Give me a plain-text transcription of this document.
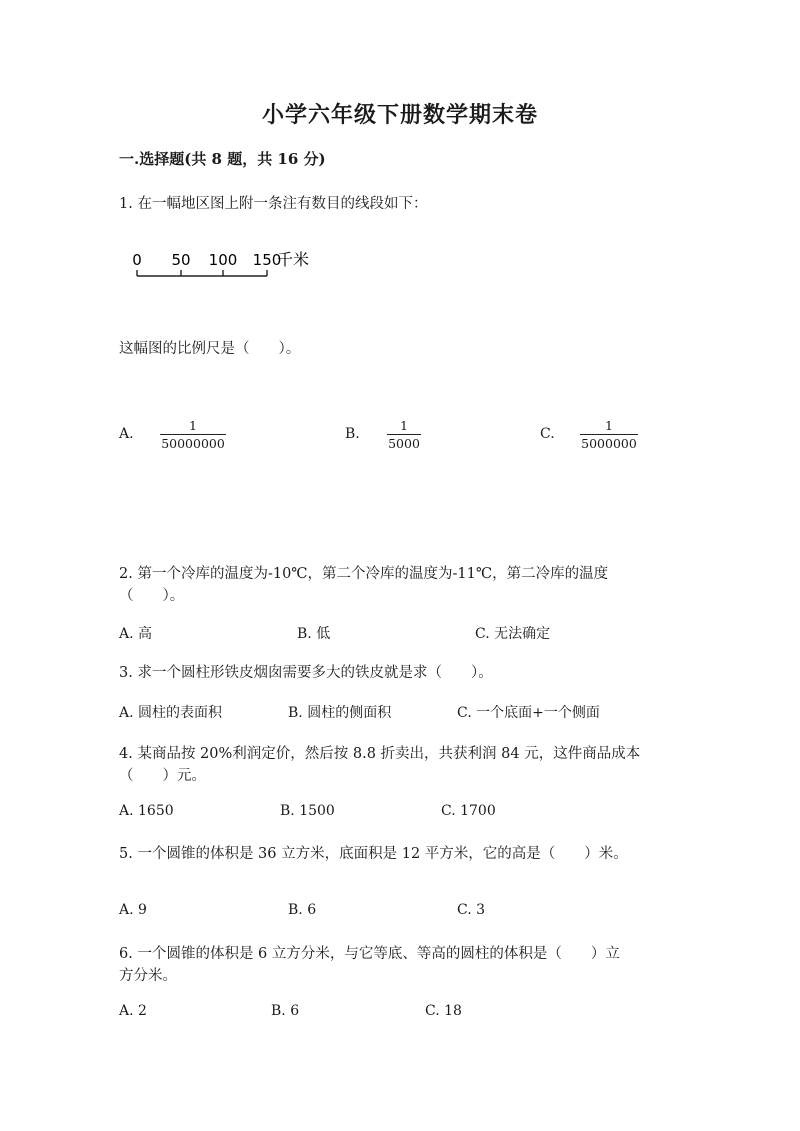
小学六年级下册数学期末卷
一.选择题(共 8 题，共 16 分)
1. 在一幅地区图上附一条注有数目的线段如下：
0 50 100 150
千米
这幅图的比例尺是（　　）。
A.
1
50000000
B.
1
5000
C.
1
5000000
2. 第一个冷库的温度为-10℃，第二个冷库的温度为-11℃，第二冷库的温度
（　　）。
A. 高	B. 低	C. 无法确定
3. 求一个圆柱形铁皮烟囱需要多大的铁皮就是求（　　）。
A. 圆柱的表面积	B. 圆柱的侧面积	C. 一个底面+一个侧面
4. 某商品按 20%利润定价，然后按 8.8 折卖出，共获利润 84 元，这件商品成本
（　　）元。
A. 1650	B. 1500	C. 1700
5. 一个圆锥的体积是 36 立方米，底面积是 12 平方米，它的高是（　　）米。
A. 9	B. 6	C. 3
6. 一个圆锥的体积是 6 立方分米，与它等底、等高的圆柱的体积是（　　）立
方分米。
A. 2	B. 6	C. 18
